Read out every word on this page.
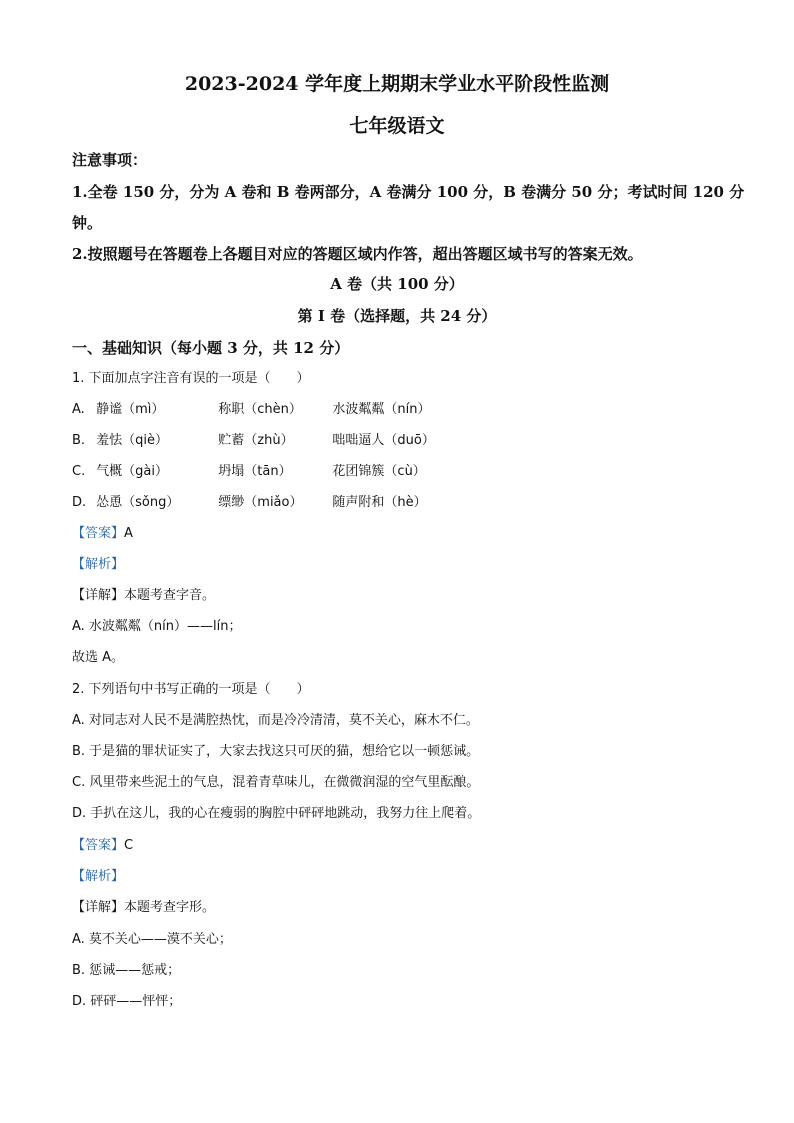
2023-2024 学年度上期期末学业水平阶段性监测
七年级语文
注意事项：
1.全卷 150 分，分为 A 卷和 B 卷两部分，A 卷满分 100 分，B 卷满分 50 分；考试时间 120 分
钟。
2.按照题号在答题卷上各题目对应的答题区域内作答，超出答题区域书写的答案无效。
A 卷（共 100 分）
第 I 卷（选择题，共 24 分）
一、基础知识（每小题 3 分，共 12 分）
1. 下面加点字注音有误的一项是（　　）
A. 静谧（mì）	称职（chèn） 水波粼粼（nín）
B. 羞怯（qiè）	贮蓄（zhù）	咄咄逼人（duō）
C. 气概（gài）	坍塌（tān）	花团锦簇（cù）
D. 怂恿（sǒng）	缥缈（miǎo） 随声附和（hè）
【答案】A
【解析】
【详解】本题考查字音。
A. 水波粼粼（nín）——lín；
故选 A。
2. 下列语句中书写正确的一项是（　　）
A. 对同志对人民不是满腔热忱，而是冷冷清清，莫不关心，麻木不仁。
B. 于是猫的罪状证实了，大家去找这只可厌的猫，想给它以一顿惩诫。
C. 风里带来些泥土的气息，混着青草味儿，在微微润湿的空气里酝酿。
D. 手扒在这儿，我的心在瘦弱的胸腔中砰砰地跳动，我努力往上爬着。
【答案】C
【解析】
【详解】本题考查字形。
A. 莫不关心——漠不关心；
B. 惩诫——惩戒；
D. 砰砰——怦怦；
